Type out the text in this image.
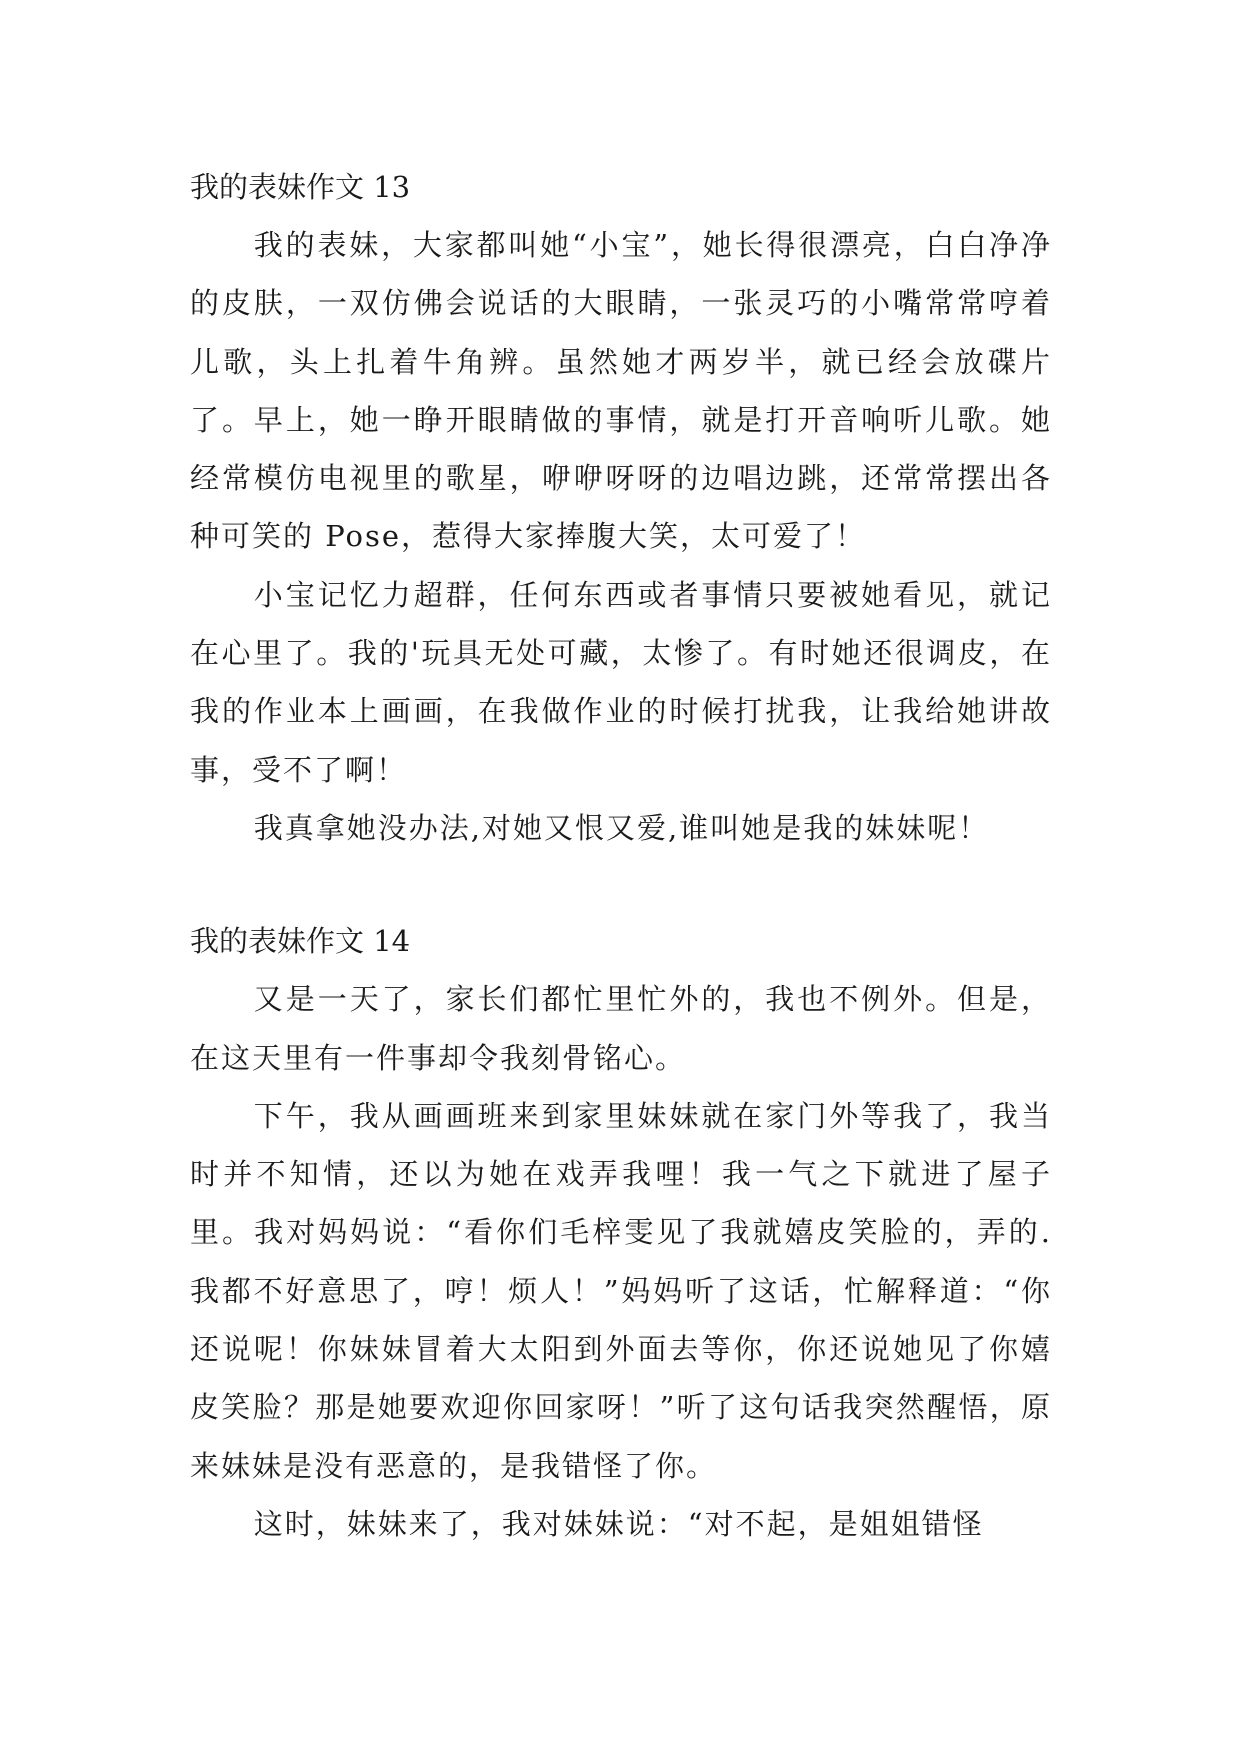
我的表妹作文 13

我的表妹，大家都叫她“小宝”，她长得很漂亮，白白净净的皮肤，一双仿佛会说话的大眼睛，一张灵巧的小嘴常常哼着儿歌，头上扎着牛角辨。虽然她才两岁半，就已经会放碟片了。早上，她一睁开眼睛做的事情，就是打开音响听儿歌。她经常模仿电视里的歌星，咿咿呀呀的边唱边跳，还常常摆出各种可笑的 Pose，惹得大家捧腹大笑，太可爱了！

小宝记忆力超群，任何东西或者事情只要被她看见，就记在心里了。我的'玩具无处可藏，太惨了。有时她还很调皮，在我的作业本上画画，在我做作业的时候打扰我，让我给她讲故事，受不了啊！

我真拿她没办法,对她又恨又爱,谁叫她是我的妹妹呢！

我的表妹作文 14

又是一天了，家长们都忙里忙外的，我也不例外。但是，在这天里有一件事却令我刻骨铭心。

下午，我从画画班来到家里妹妹就在家门外等我了，我当时并不知情，还以为她在戏弄我哩！我一气之下就进了屋子里。我对妈妈说：“看你们毛梓雯见了我就嬉皮笑脸的，弄的.我都不好意思了，哼！烦人！”妈妈听了这话，忙解释道：“你还说呢！你妹妹冒着大太阳到外面去等你，你还说她见了你嬉皮笑脸？那是她要欢迎你回家呀！”听了这句话我突然醒悟，原来妹妹是没有恶意的，是我错怪了你。

这时，妹妹来了，我对妹妹说：“对不起，是姐姐错怪
